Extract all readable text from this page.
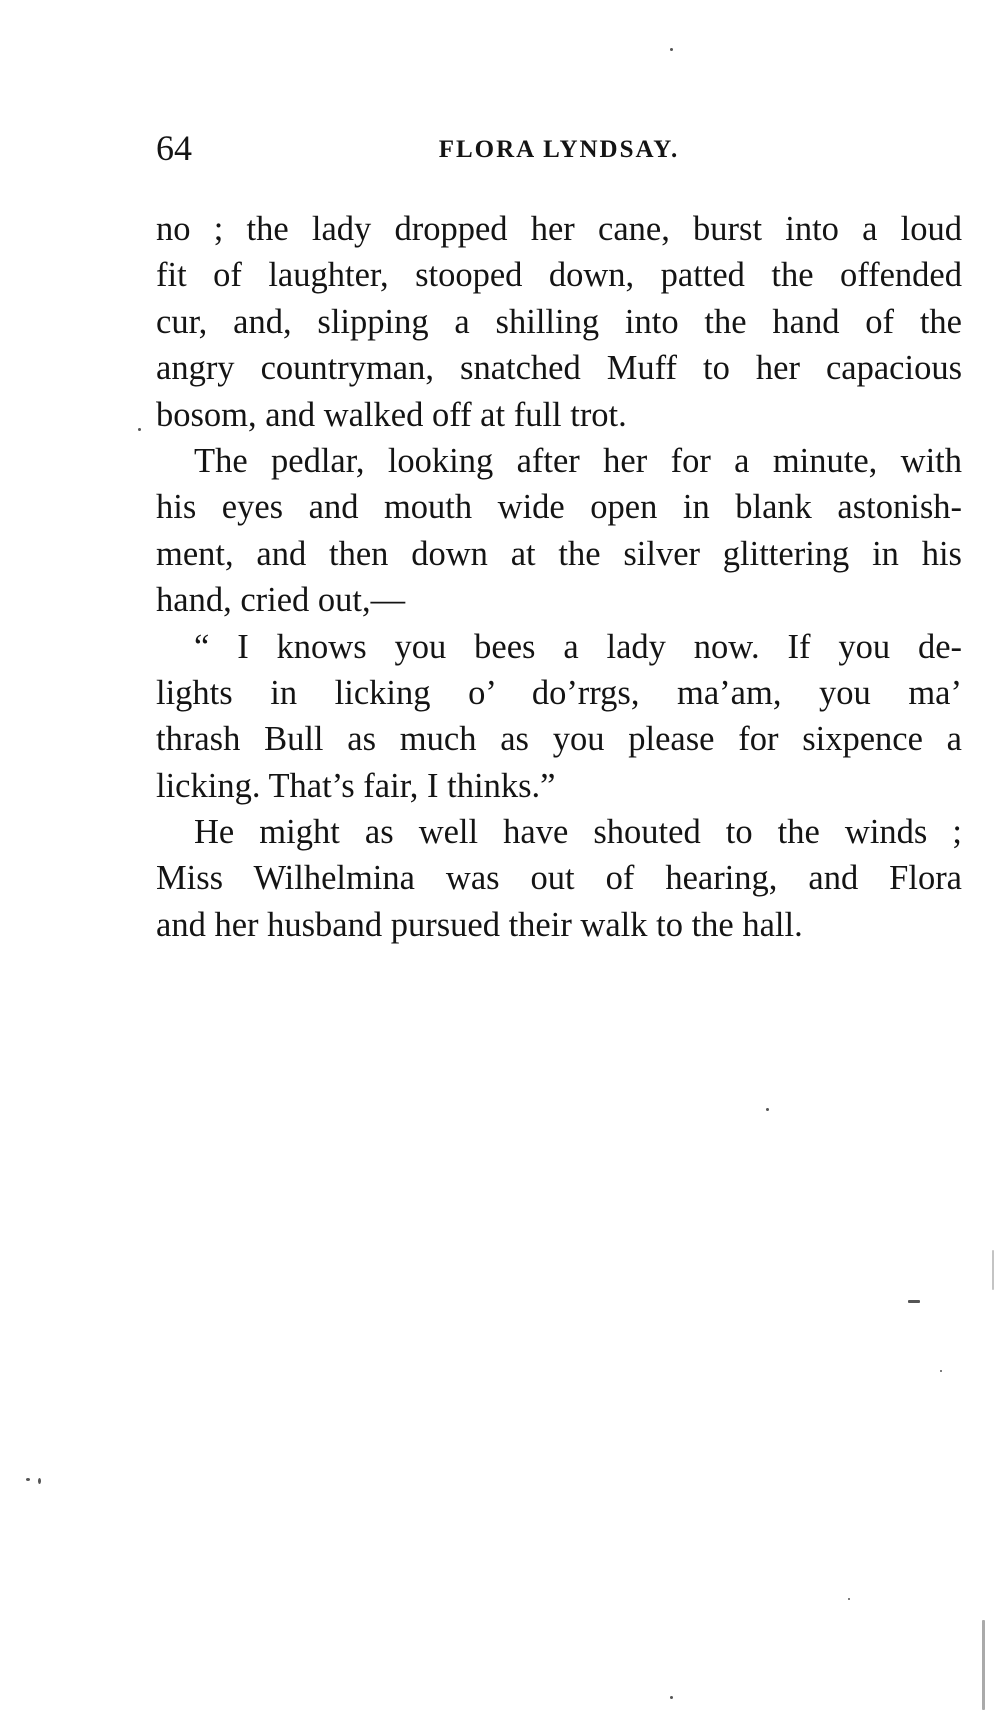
64	FLORA LYNDSAY.
no ; the lady dropped her cane, burst into a loud
fit of laughter, stooped down, patted the offended
cur, and, slipping a shilling into the hand of the
angry countryman, snatched Muff to her capacious
bosom, and walked off at full trot.
The pedlar, looking after her for a minute, with
his eyes and mouth wide open in blank astonish-
ment, and then down at the silver glittering in his
hand, cried out,—
“ I knows you bees a lady now. If you de-
lights in licking o’ do’rrgs, ma’am, you ma’
thrash Bull as much as you please for sixpence a
licking. That’s fair, I thinks.”
He might as well have shouted to the winds ;
Miss Wilhelmina was out of hearing, and Flora
and her husband pursued their walk to the hall.
